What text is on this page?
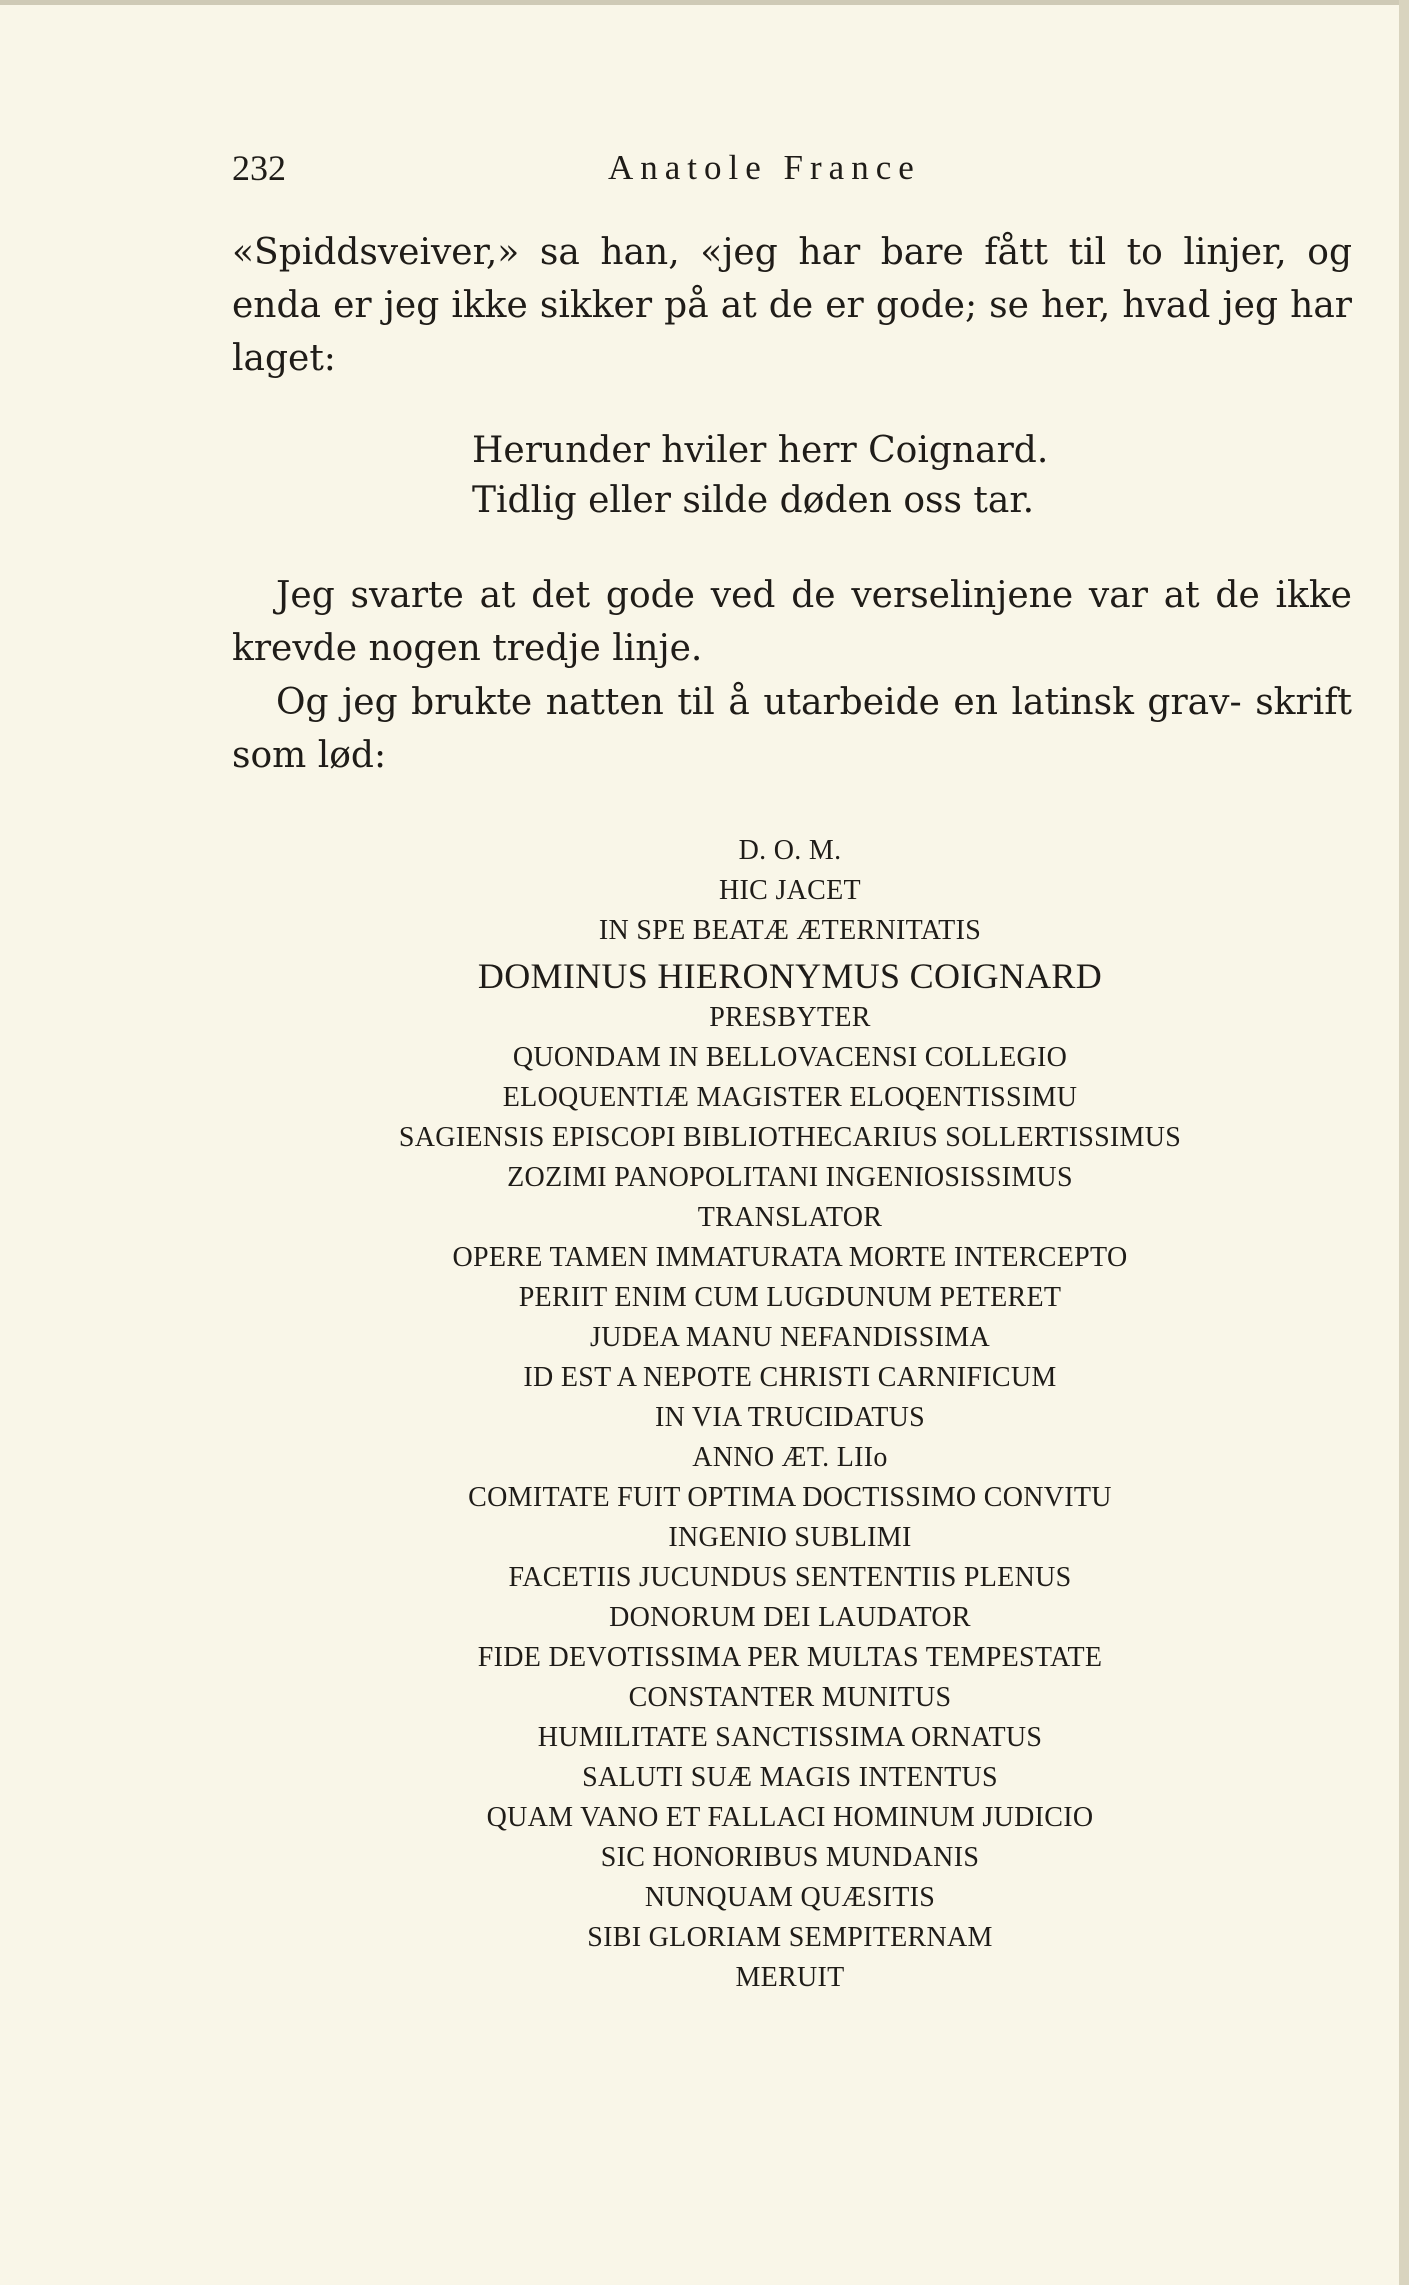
232	Anatole France

«Spiddsveiver,» sa han, «jeg har bare fått til to linjer, og enda er jeg ikke sikker på at de er gode; se her, hvad jeg har laget:

Herunder hviler herr Coignard.
Tidlig eller silde døden oss tar.

Jeg svarte at det gode ved de verselinjene var at de ikke krevde nogen tredje linje.

Og jeg brukte natten til å utarbeide en latinsk grav- skrift som lød:

D. O. M.
HIC JACET
IN SPE BEATÆ ÆTERNITATIS
DOMINUS HIERONYMUS COIGNARD
PRESBYTER
QUONDAM IN BELLOVACENSI COLLEGIO
ELOQUENTIÆ MAGISTER ELOQENTISSIMU
SAGIENSIS EPISCOPI BIBLIOTHECARIUS SOLLERTISSIMUS
ZOZIMI PANOPOLITANI INGENIOSISSIMUS
TRANSLATOR
OPERE TAMEN IMMATURATA MORTE INTERCEPTO
PERIIT ENIM CUM LUGDUNUM PETERET
JUDEA MANU NEFANDISSIMA
ID EST A NEPOTE CHRISTI CARNIFICUM
IN VIA TRUCIDATUS
ANNO ÆT. LIIo
COMITATE FUIT OPTIMA DOCTISSIMO CONVITU
INGENIO SUBLIMI
FACETIIS JUCUNDUS SENTENTIIS PLENUS
DONORUM DEI LAUDATOR
FIDE DEVOTISSIMA PER MULTAS TEMPESTATE
CONSTANTER MUNITUS
HUMILITATE SANCTISSIMA ORNATUS
SALUTI SUÆ MAGIS INTENTUS
QUAM VANO ET FALLACI HOMINUM JUDICIO
SIC HONORIBUS MUNDANIS
NUNQUAM QUÆSITIS
SIBI GLORIAM SEMPITERNAM
MERUIT
